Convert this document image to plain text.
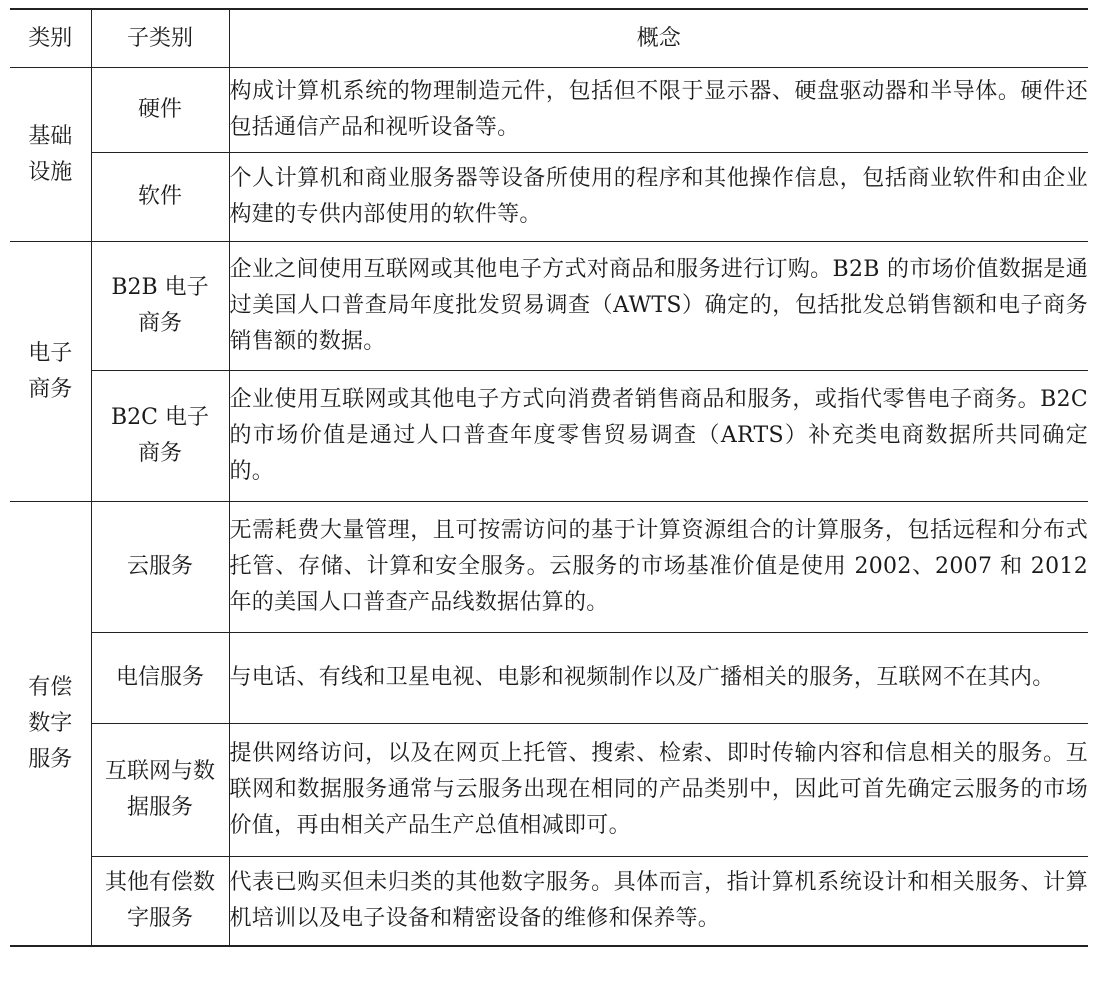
类别	子类别	概念
基础设施	硬件	构成计算机系统的物理制造元件，包括但不限于显示器、硬盘驱动器和半导体。硬件还包括通信产品和视听设备等。
	软件	个人计算机和商业服务器等设备所使用的程序和其他操作信息，包括商业软件和由企业构建的专供内部使用的软件等。
电子商务	B2B 电子商务	企业之间使用互联网或其他电子方式对商品和服务进行订购。B2B 的市场价值数据是通过美国人口普查局年度批发贸易调查（AWTS）确定的，包括批发总销售额和电子商务销售额的数据。
	B2C 电子商务	企业使用互联网或其他电子方式向消费者销售商品和服务，或指代零售电子商务。B2C 的市场价值是通过人口普查年度零售贸易调查（ARTS）补充类电商数据所共同确定的。
有偿数字服务	云服务	无需耗费大量管理，且可按需访问的基于计算资源组合的计算服务，包括远程和分布式托管、存储、计算和安全服务。云服务的市场基准价值是使用 2002、2007 和 2012 年的美国人口普查产品线数据估算的。
	电信服务	与电话、有线和卫星电视、电影和视频制作以及广播相关的服务，互联网不在其内。
	互联网与数据服务	提供网络访问，以及在网页上托管、搜索、检索、即时传输内容和信息相关的服务。互联网和数据服务通常与云服务出现在相同的产品类别中，因此可首先确定云服务的市场价值，再由相关产品生产总值相减即可。
	其他有偿数字服务	代表已购买但未归类的其他数字服务。具体而言，指计算机系统设计和相关服务、计算机培训以及电子设备和精密设备的维修和保养等。
